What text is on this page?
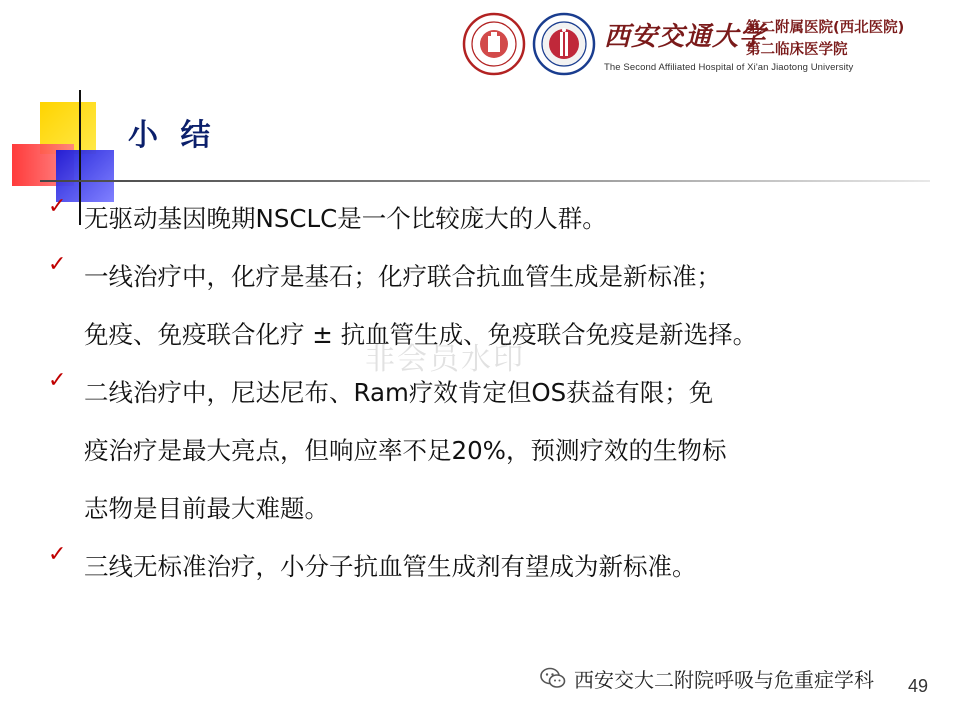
西安交通大学
第二附属医院(西北医院)
第二临床医学院
The Second Affiliated Hospital of Xi'an Jiaotong University
小 结
✓ 无驱动基因晚期NSCLC是一个比较庞大的人群。
✓ 一线治疗中，化疗是基石；化疗联合抗血管生成是新标准；
免疫、免疫联合化疗 ± 抗血管生成、免疫联合免疫是新选择。
✓ 二线治疗中，尼达尼布、Ram疗效肯定但OS获益有限；免
疫治疗是最大亮点，但响应率不足20%，预测疗效的生物标
志物是目前最大难题。
✓ 三线无标准治疗，小分子抗血管生成剂有望成为新标准。
非会员水印
西安交大二附院呼吸与危重症学科 49
